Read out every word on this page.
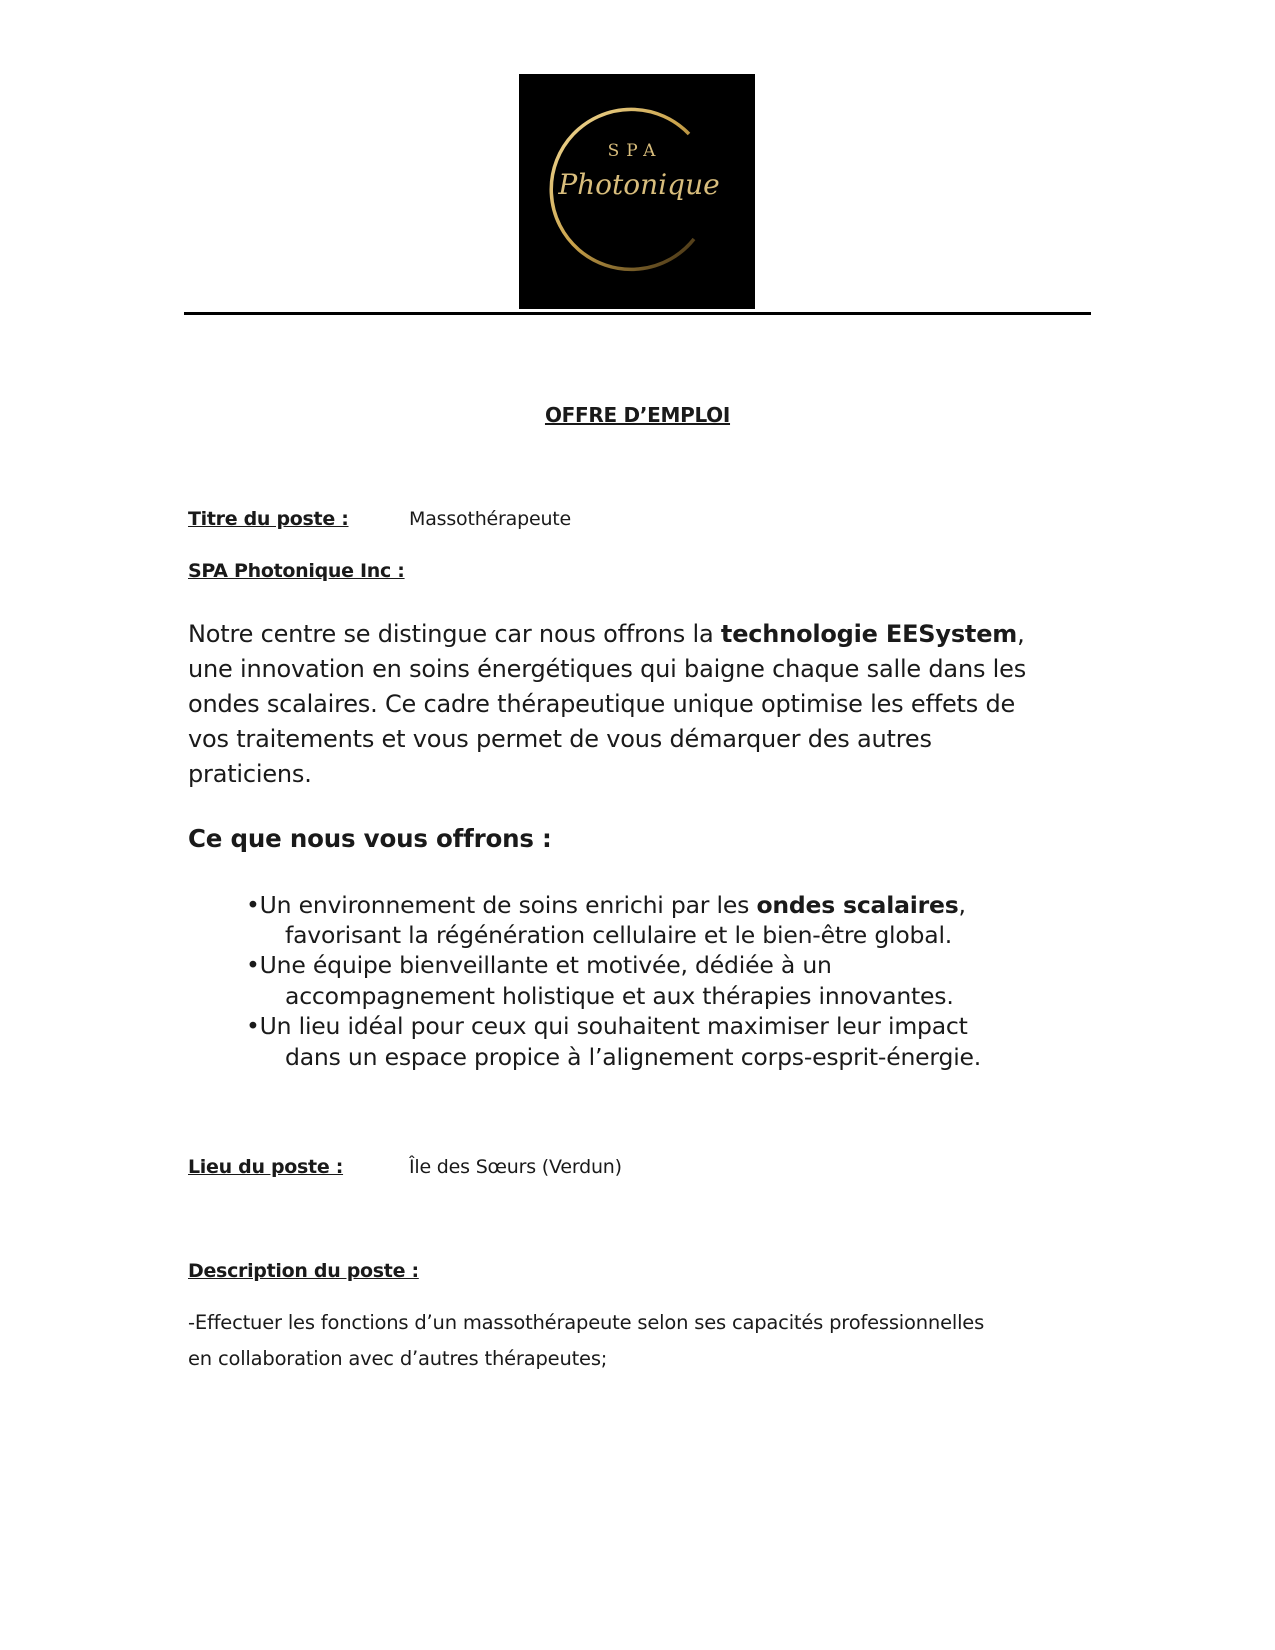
SPA
Photonique
OFFRE D’EMPLOI
Titre du poste :	Massothérapeute
SPA Photonique Inc :
Notre centre se distingue car nous offrons la technologie EESystem,
une innovation en soins énergétiques qui baigne chaque salle dans les
ondes scalaires. Ce cadre thérapeutique unique optimise les effets de
vos traitements et vous permet de vous démarquer des autres
praticiens.
Ce que nous vous offrons :
•Un environnement de soins enrichi par les ondes scalaires,
favorisant la régénération cellulaire et le bien-être global.
•Une équipe bienveillante et motivée, dédiée à un
accompagnement holistique et aux thérapies innovantes.
•Un lieu idéal pour ceux qui souhaitent maximiser leur impact
dans un espace propice à l’alignement corps-esprit-énergie.
Lieu du poste :	Île des Sœurs (Verdun)
Description du poste :
-Effectuer les fonctions d’un massothérapeute selon ses capacités professionnelles
en collaboration avec d’autres thérapeutes;
